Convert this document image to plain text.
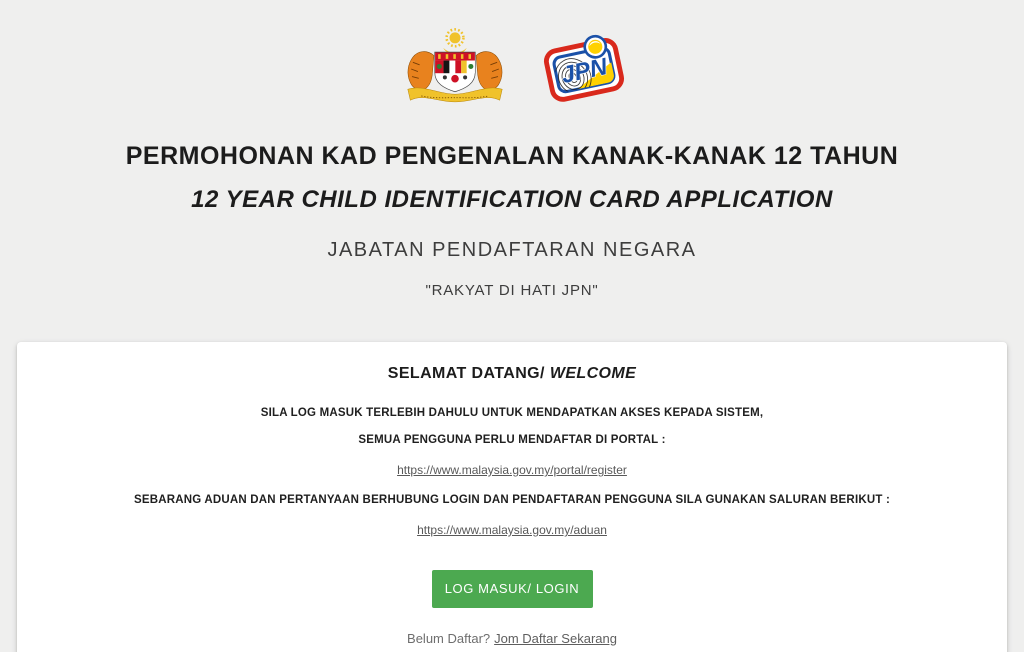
JPN
PERMOHONAN KAD PENGENALAN KANAK-KANAK 12 TAHUN
12 YEAR CHILD IDENTIFICATION CARD APPLICATION
JABATAN PENDAFTARAN NEGARA
"RAKYAT DI HATI JPN"
SELAMAT DATANG/ WELCOME
SILA LOG MASUK TERLEBIH DAHULU UNTUK MENDAPATKAN AKSES KEPADA SISTEM,
SEMUA PENGGUNA PERLU MENDAFTAR DI PORTAL :
https://www.malaysia.gov.my/portal/register
SEBARANG ADUAN DAN PERTANYAAN BERHUBUNG LOGIN DAN PENDAFTARAN PENGGUNA SILA GUNAKAN SALURAN BERIKUT :
https://www.malaysia.gov.my/aduan
LOG MASUK/ LOGIN
Belum Daftar? Jom Daftar Sekarang
